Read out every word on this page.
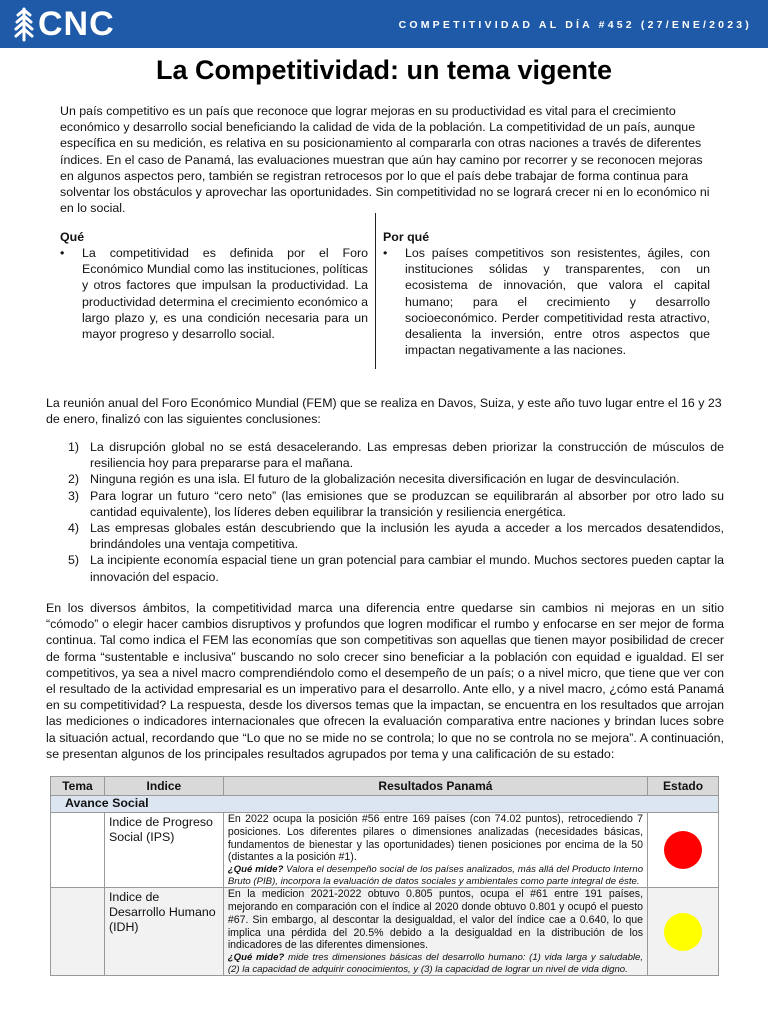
CNC	COMPETITIVIDAD AL DÍA #452 (27/ENE/2023)
La Competitividad: un tema vigente

Un país competitivo es un país que reconoce que lograr mejoras en su productividad es vital para el crecimiento económico y desarrollo social beneficiando la calidad de vida de la población. La competitividad de un país, aunque específica en su medición, es relativa en su posicionamiento al compararla con otras naciones a través de diferentes índices. En el caso de Panamá, las evaluaciones muestran que aún hay camino por recorrer y se reconocen mejoras en algunos aspectos pero, también se registran retrocesos por lo que el país debe trabajar de forma continua para solventar los obstáculos y aprovechar las oportunidades. Sin competitividad no se logrará crecer ni en lo económico ni en lo social.

Qué
•	La competitividad es definida por el Foro Económico Mundial como las instituciones, políticas y otros factores que impulsan la productividad. La productividad determina el crecimiento económico a largo plazo y, es una condición necesaria para un mayor progreso y desarrollo social.
Por qué
•	Los países competitivos son resistentes, ágiles, con instituciones sólidas y transparentes, con un ecosistema de innovación, que valora el capital humano; para el crecimiento y desarrollo socioeconómico. Perder competitividad resta atractivo, desalienta la inversión, entre otros aspectos que impactan negativamente a las naciones.

La reunión anual del Foro Económico Mundial (FEM) que se realiza en Davos, Suiza, y este año tuvo lugar entre el 16 y 23 de enero, finalizó con las siguientes conclusiones:

1) La disrupción global no se está desacelerando. Las empresas deben priorizar la construcción de músculos de resiliencia hoy para prepararse para el mañana.
2) Ninguna región es una isla. El futuro de la globalización necesita diversificación en lugar de desvinculación.
3) Para lograr un futuro “cero neto” (las emisiones que se produzcan se equilibrarán al absorber por otro lado su cantidad equivalente), los líderes deben equilibrar la transición y resiliencia energética.
4) Las empresas globales están descubriendo que la inclusión les ayuda a acceder a los mercados desatendidos, brindándoles una ventaja competitiva.
5) La incipiente economía espacial tiene un gran potencial para cambiar el mundo. Muchos sectores pueden captar la innovación del espacio.

En los diversos ámbitos, la competitividad marca una diferencia entre quedarse sin cambios ni mejoras en un sitio “cómodo” o elegir hacer cambios disruptivos y profundos que logren modificar el rumbo y enfocarse en ser mejor de forma continua. Tal como indica el FEM las economías que son competitivas son aquellas que tienen mayor posibilidad de crecer de forma “sustentable e inclusiva” buscando no solo crecer sino beneficiar a la población con equidad e igualdad. El ser competitivos, ya sea a nivel macro comprendiéndolo como el desempeño de un país; o a nivel micro, que tiene que ver con el resultado de la actividad empresarial es un imperativo para el desarrollo. Ante ello, y a nivel macro, ¿cómo está Panamá en su competitividad? La respuesta, desde los diversos temas que la impactan, se encuentra en los resultados que arrojan las mediciones o indicadores internacionales que ofrecen la evaluación comparativa entre naciones y brindan luces sobre la situación actual, recordando que “Lo que no se mide no se controla; lo que no se controla no se mejora”. A continuación, se presentan algunos de los principales resultados agrupados por tema y una calificación de su estado:

Tema	Indice	Resultados Panamá	Estado
Avance Social			
	Indice de Progreso Social (IPS)	En 2022 ocupa la posición #56 entre 169 países (con 74.02 puntos), retrocediendo 7 posiciones. Los diferentes pilares o dimensiones analizadas (necesidades básicas, fundamentos de bienestar y las oportunidades) tienen posiciones por encima de la 50 (distantes a la posición #1).
¿Qué mide? Valora el desempeño social de los países analizados, más allá del Producto Interno Bruto (PIB), incorpora la evaluación de datos sociales y ambientales como parte integral de éste.	

	Indice de Desarrollo Humano (IDH)	En la medicion 2021-2022 obtuvo 0.805 puntos, ocupa el #61 entre 191 países, mejorando en comparación con el índice al 2020 donde obtuvo 0.801 y ocupó el puesto #67. Sin embargo, al descontar la desigualdad, el valor del índice cae a 0.640, lo que implica una pérdida del 20.5% debido a la desigualdad en la distribución de los indicadores de las diferentes dimensiones.
¿Qué mide? mide tres dimensiones básicas del desarrollo humano: (1) vida larga y saludable, (2) la capacidad de adquirir conocimientos, y (3) la capacidad de lograr un nivel de vida digno.	
